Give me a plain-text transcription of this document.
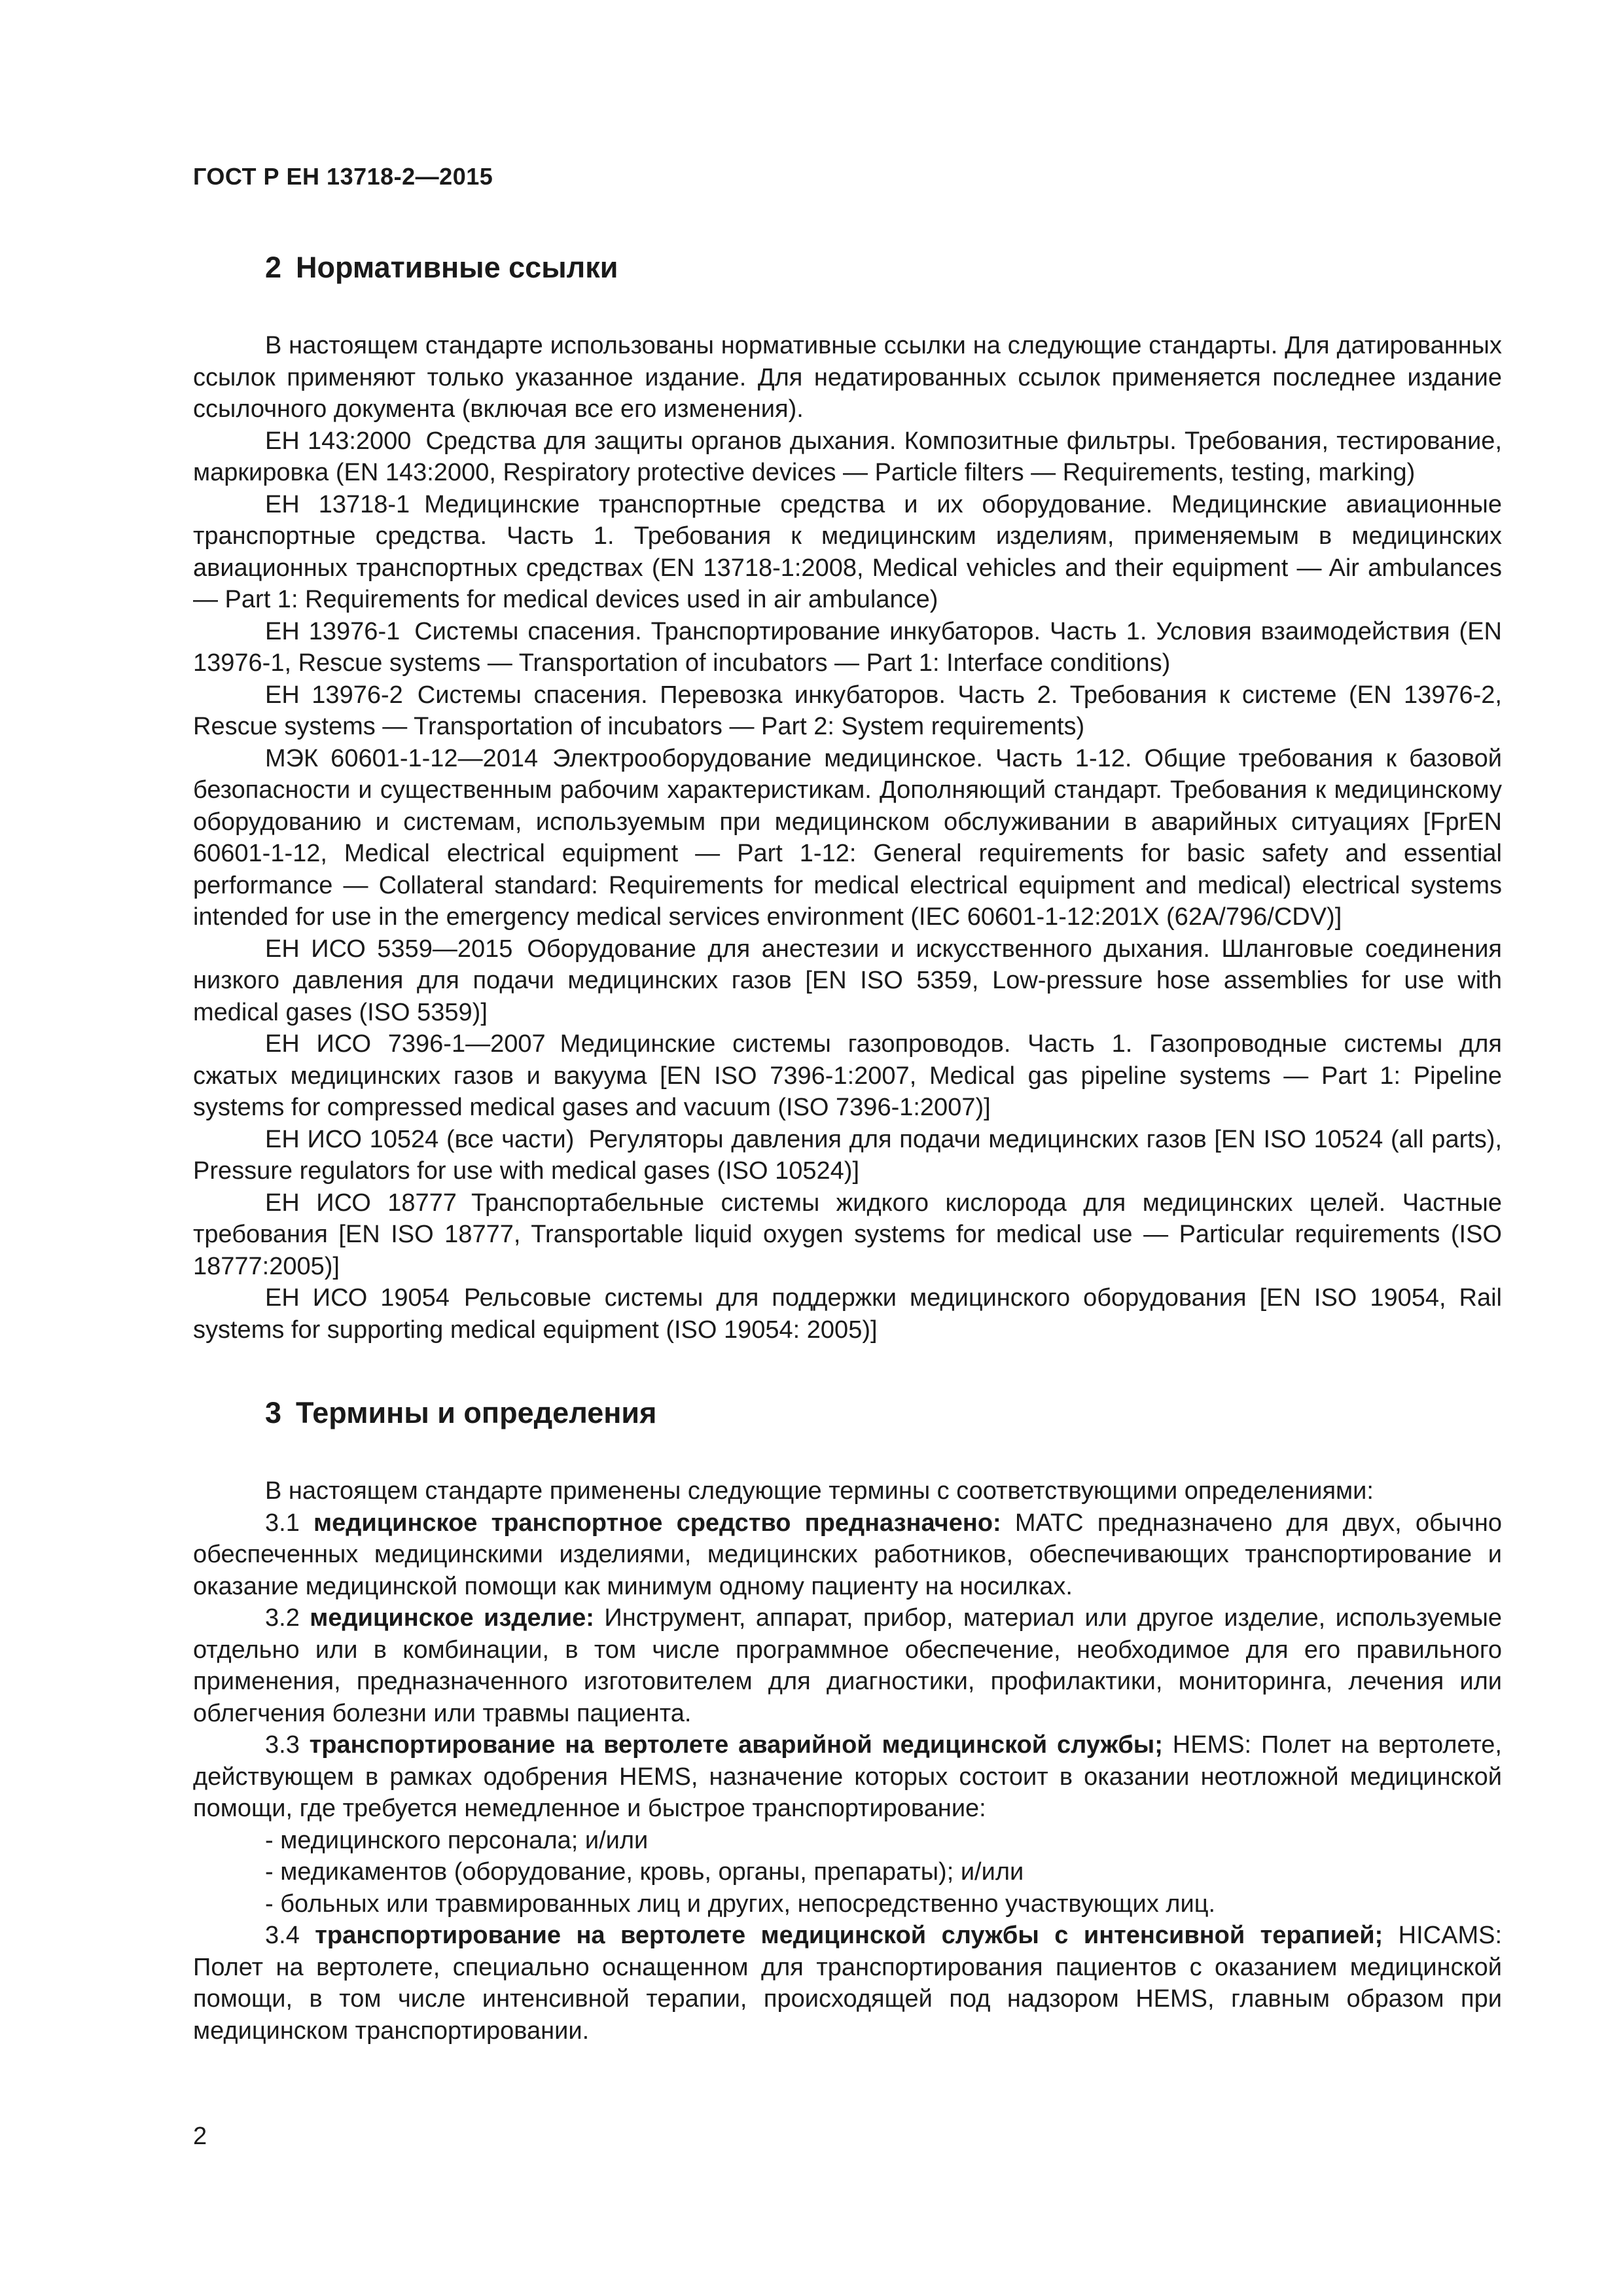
ГОСТ Р ЕН 13718-2—2015
2 Нормативные ссылки

В настоящем стандарте использованы нормативные ссылки на следующие стандарты. Для датированных ссылок применяют только указанное издание. Для недатированных ссылок применяется последнее издание ссылочного документа (включая все его изменения).

ЕН 143:2000 Средства для защиты органов дыхания. Композитные фильтры. Требования, тестирование, маркировка (EN 143:2000, Respiratory protective devices — Particle filters — Requirements, testing, marking)

ЕН 13718-1 Медицинские транспортные средства и их оборудование. Медицинские авиационные транспортные средства. Часть 1. Требования к медицинским изделиям, применяемым в медицинских авиационных транспортных средствах (EN 13718-1:2008, Medical vehicles and their equipment — Air ambulances — Part 1: Requirements for medical devices used in air ambulance)

ЕН 13976-1 Системы спасения. Транспортирование инкубаторов. Часть 1. Условия взаимодействия (EN 13976-1, Rescue systems — Transportation of incubators — Part 1: Interface conditions)

ЕН 13976-2 Системы спасения. Перевозка инкубаторов. Часть 2. Требования к системе (EN 13976-2, Rescue systems — Transportation of incubators — Part 2: System requirements)

МЭК 60601-1-12—2014 Электрооборудование медицинское. Часть 1-12. Общие требования к базовой безопасности и существенным рабочим характеристикам. Дополняющий стандарт. Требования к медицинскому оборудованию и системам, используемым при медицинском обслуживании в аварийных ситуациях [FprEN 60601-1-12, Medical electrical equipment — Part 1-12: General requirements for basic safety and essential performance — Collateral standard: Requirements for medical electrical equipment and medical) electrical systems intended for use in the emergency medical services environment (IEC 60601-1-12:201X (62A/796/CDV)]

ЕН ИСО 5359—2015 Оборудование для анестезии и искусственного дыхания. Шланговые соединения низкого давления для подачи медицинских газов [EN ISO 5359, Low-pressure hose assemblies for use with medical gases (ISO 5359)]

ЕН ИСО 7396-1—2007 Медицинские системы газопроводов. Часть 1. Газопроводные системы для сжатых медицинских газов и вакуума [EN ISO 7396-1:2007, Medical gas pipeline systems — Part 1: Pipeline systems for compressed medical gases and vacuum (ISO 7396-1:2007)]

ЕН ИСО 10524 (все части) Регуляторы давления для подачи медицинских газов [EN ISO 10524 (all parts), Pressure regulators for use with medical gases (ISO 10524)]

ЕН ИСО 18777 Транспортабельные системы жидкого кислорода для медицинских целей. Частные требования [EN ISO 18777, Transportable liquid oxygen systems for medical use — Particular requirements (ISO 18777:2005)]

ЕН ИСО 19054 Рельсовые системы для поддержки медицинского оборудования [EN ISO 19054, Rail systems for supporting medical equipment (ISO 19054: 2005)]

3 Термины и определения

В настоящем стандарте применены следующие термины с соответствующими определениями:

3.1 медицинское транспортное средство предназначено: МАТС предназначено для двух, обычно обеспеченных медицинскими изделиями, медицинских работников, обеспечивающих транспортирование и оказание медицинской помощи как минимум одному пациенту на носилках.

3.2 медицинское изделие: Инструмент, аппарат, прибор, материал или другое изделие, используемые отдельно или в комбинации, в том числе программное обеспечение, необходимое для его правильного применения, предназначенного изготовителем для диагностики, профилактики, мониторинга, лечения или облегчения болезни или травмы пациента.

3.3 транспортирование на вертолете аварийной медицинской службы; HEMS: Полет на вертолете, действующем в рамках одобрения HEMS, назначение которых состоит в оказании неотложной медицинской помощи, где требуется немедленное и быстрое транспортирование:

- медицинского персонала; и/или

- медикаментов (оборудование, кровь, органы, препараты); и/или

- больных или травмированных лиц и других, непосредственно участвующих лиц.

3.4 транспортирование на вертолете медицинской службы с интенсивной терапией; HICAMS: Полет на вертолете, специально оснащенном для транспортирования пациентов с оказанием медицинской помощи, в том числе интенсивной терапии, происходящей под надзором HEMS, главным образом при медицинском транспортировании.

2
